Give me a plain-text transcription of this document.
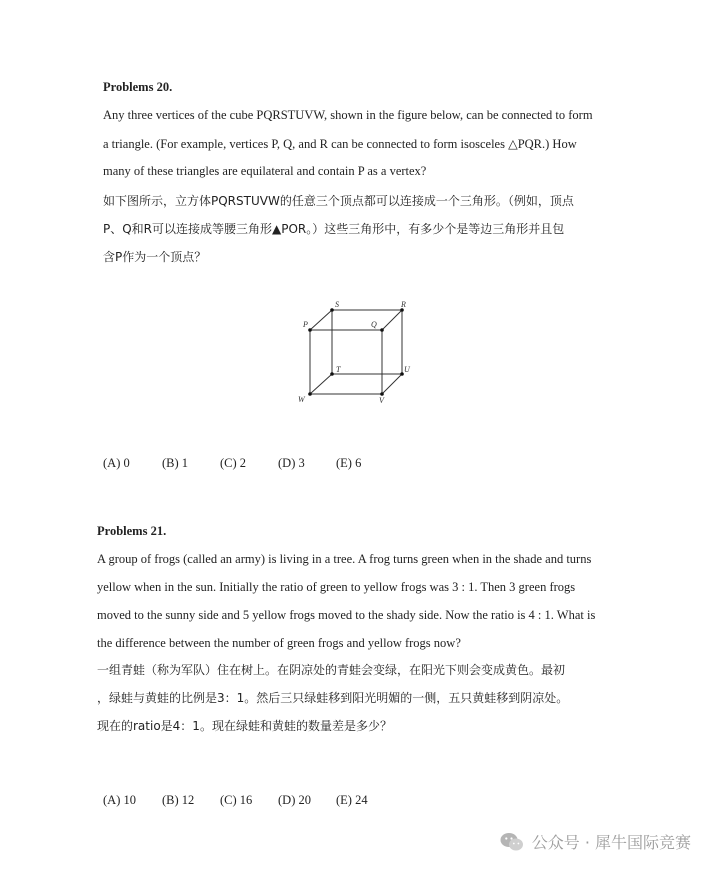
Problems 20.
Any three vertices of the cube PQRSTUVW, shown in the figure below, can be connected to form
a triangle. (For example, vertices P, Q, and R can be connected to form isosceles △PQR.) How
many of these triangles are equilateral and contain P as a vertex?
如下图所示，立方体PQRSTUVW的任意三个顶点都可以连接成一个三角形。（例如，顶点
P、Q和R可以连接成等腰三角形▲POR。）这些三角形中，有多少个是等边三角形并且包
含P作为一个顶点？
S	R
P	Q
T	U
W	V
(A) 0	(B) 1	(C) 2	(D) 3	(E) 6
Problems 21.
A group of frogs (called an army) is living in a tree. A frog turns green when in the shade and turns
yellow when in the sun. Initially the ratio of green to yellow frogs was 3 : 1. Then 3 green frogs
moved to the sunny side and 5 yellow frogs moved to the shady side. Now the ratio is 4 : 1. What is
the difference between the number of green frogs and yellow frogs now?
一组青蛙（称为军队）住在树上。在阴凉处的青蛙会变绿，在阳光下则会变成黄色。最初
，绿蛙与黄蛙的比例是3：1。然后三只绿蛙移到阳光明媚的一侧，五只黄蛙移到阴凉处。
现在的ratio是4：1。现在绿蛙和黄蛙的数量差是多少？
(A) 10 (B) 12 (C) 16 (D) 20 (E) 24
公众号 · 犀牛国际竞赛
